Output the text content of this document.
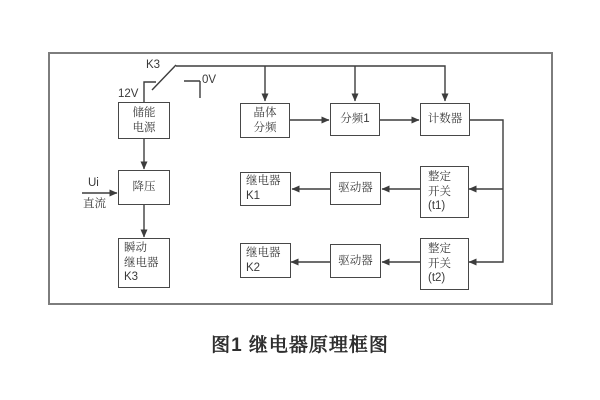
K3
12V
0V
Ui
直流
储能
电源
降压
瞬动
继电器
K3
晶体
分频
分频1	计数器
继电器
K1
驱动器
整定
开关
(t1)
继电器
K2
驱动器
整定
开关
(t2)
图1 继电器原理框图
